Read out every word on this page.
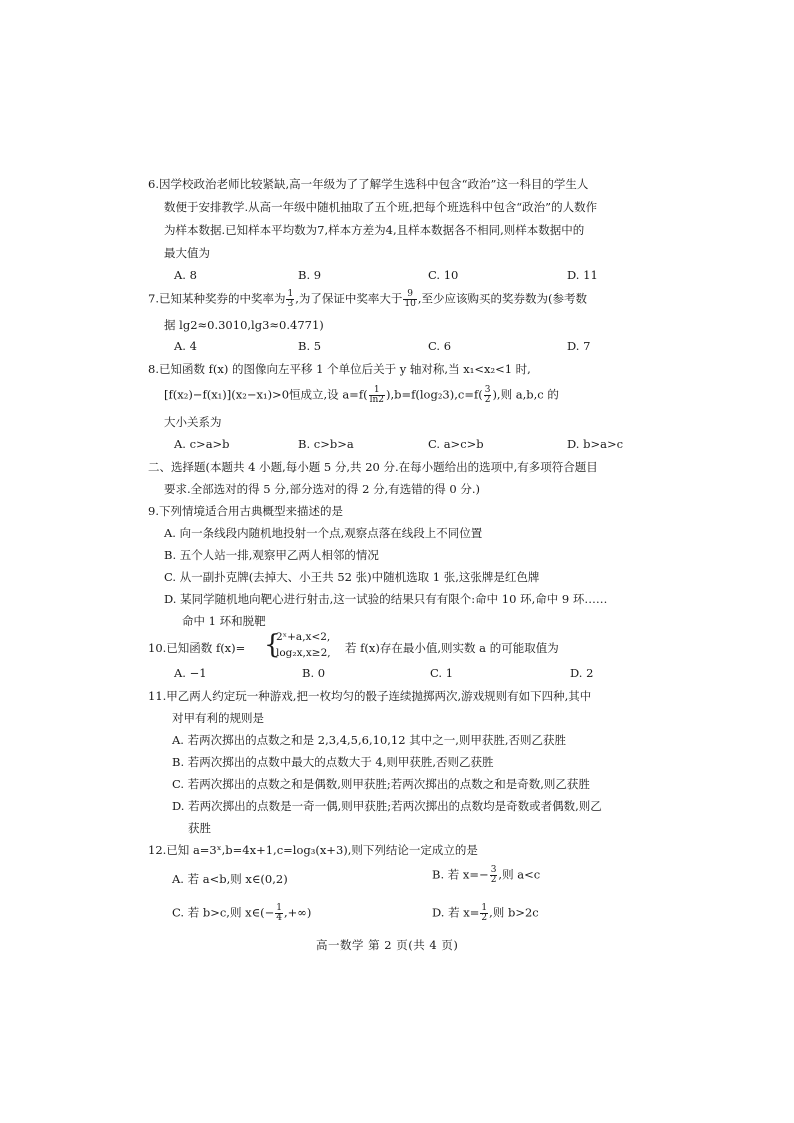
6.因学校政治老师比较紧缺,高一年级为了了解学生选科中包含“政治”这一科目的学生人
数便于安排教学.从高一年级中随机抽取了五个班,把每个班选科中包含“政治”的人数作
为样本数据.已知样本平均数为7,样本方差为4,且样本数据各不相同,则样本数据中的
最大值为
A. 8	B. 9	C. 10	D. 11
7.已知某种奖券的中奖率为 $\frac{1}{3}$ ,为了保证中奖率大于 $\frac{9}{10}$ ,至少应该购买的奖券数为(参考数
据 lg2≈0.3010,lg3≈0.4771)
A. 4	B. 5	C. 6	D. 7
8.已知函数 f(x) 的图像向左平移 1 个单位后关于 y 轴对称,当 x₁<x₂<1 时,
[f(x₂)−f(x₁)](x₂−x₁)>0恒成立,设 $a=f( \frac{1}{\ln 2} ),b=f(\log_23),c=f( \frac{3}{2}$ ),则 a,b,c 的
大小关系为
A. c>a>b	B. c>b>a	C. a>c>b	D. b>a>c
二、选择题(本题共 4 小题,每小题 5 分,共 20 分.在每小题给出的选项中,有多项符合题目
要求.全部选对的得 5 分,部分选对的得 2 分,有选错的得 0 分.)
9.下列情境适合用古典概型来描述的是
A. 向一条线段内随机地投射一个点,观察点落在线段上不同位置
B. 五个人站一排,观察甲乙两人相邻的情况
C. 从一副扑克牌(去掉大、小王共 52 张)中随机选取 1 张,这张牌是红色牌
D. 某同学随机地向靶心进行射击,这一试验的结果只有有限个:命中 10 环,命中 9 环……
命中 1 环和脱靶
10.已知函数 f(x)= {
2ˣ+a,x<2,
log₂x,x≥2, 若 f(x)存在最小值,则实数 a 的可能取值为
A. −1	B. 0	C. 1	D. 2
11.甲乙两人约定玩一种游戏,把一枚均匀的骰子连续抛掷两次,游戏规则有如下四种,其中
对甲有利的规则是
A. 若两次掷出的点数之和是 2,3,4,5,6,10,12 其中之一,则甲获胜,否则乙获胜
B. 若两次掷出的点数中最大的点数大于 4,则甲获胜,否则乙获胜
C. 若两次掷出的点数之和是偶数,则甲获胜;若两次掷出的点数之和是奇数,则乙获胜
D. 若两次掷出的点数是一奇一偶,则甲获胜;若两次掷出的点数均是奇数或者偶数,则乙
获胜
12.已知 a=3ˣ,b=4x+1,c=log₃(x+3),则下列结论一定成立的是
A. 若 a<b,则 x∈(0,2)	B. 若 $x=- \frac{3}{2}$ ,则 a<c
C. 若 b>c,则 x∈(− $\frac{1}{4}$ ,+∞)	D. 若 $x= \frac{1}{2}$ ,则 b>2c
高一数学 第 2 页(共 4 页)
